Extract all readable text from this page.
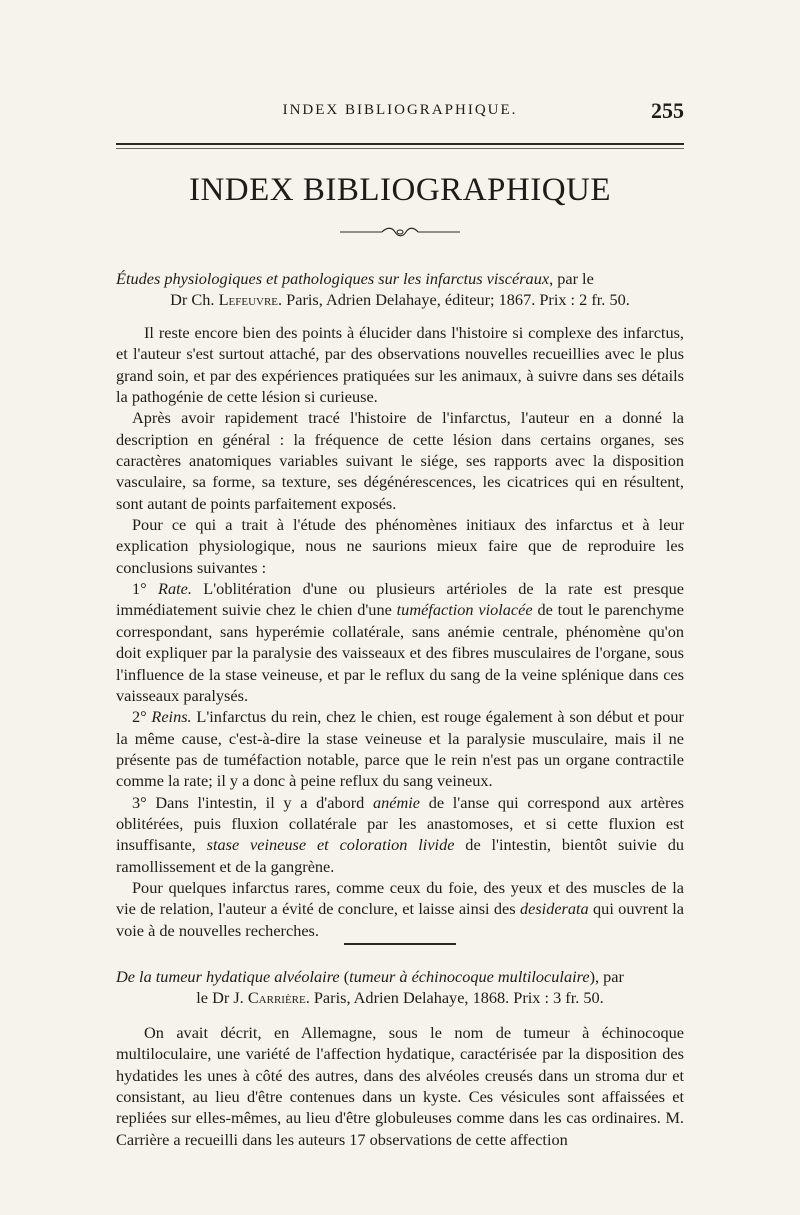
INDEX BIBLIOGRAPHIQUE.	255
INDEX BIBLIOGRAPHIQUE
Études physiologiques et pathologiques sur les infarctus viscéraux, par le
Dr Ch. Lefeuvre. Paris, Adrien Delahaye, éditeur; 1867. Prix : 2 fr. 50.

Il reste encore bien des points à élucider dans l'histoire si complexe des infarctus, et l'auteur s'est surtout attaché, par des observations nouvelles recueillies avec le plus grand soin, et par des expériences pratiquées sur les animaux, à suivre dans ses détails la pathogénie de cette lésion si curieuse.

Après avoir rapidement tracé l'histoire de l'infarctus, l'auteur en a donné la description en général : la fréquence de cette lésion dans certains organes, ses caractères anatomiques variables suivant le siége, ses rapports avec la disposition vasculaire, sa forme, sa texture, ses dégénérescences, les cicatrices qui en résultent, sont autant de points parfaitement exposés.

Pour ce qui a trait à l'étude des phénomènes initiaux des infarctus et à leur explication physiologique, nous ne saurions mieux faire que de reproduire les conclusions suivantes :

1° Rate. L'oblitération d'une ou plusieurs artérioles de la rate est presque immédiatement suivie chez le chien d'une tuméfaction violacée de tout le parenchyme correspondant, sans hyperémie collatérale, sans anémie centrale, phénomène qu'on doit expliquer par la paralysie des vaisseaux et des fibres musculaires de l'organe, sous l'influence de la stase veineuse, et par le reflux du sang de la veine splénique dans ces vaisseaux paralysés.

2° Reins. L'infarctus du rein, chez le chien, est rouge également à son début et pour la même cause, c'est-à-dire la stase veineuse et la paralysie musculaire, mais il ne présente pas de tuméfaction notable, parce que le rein n'est pas un organe contractile comme la rate; il y a donc à peine reflux du sang veineux.

3° Dans l'intestin, il y a d'abord anémie de l'anse qui correspond aux artères oblitérées, puis fluxion collatérale par les anastomoses, et si cette fluxion est insuffisante, stase veineuse et coloration livide de l'intestin, bientôt suivie du ramollissement et de la gangrène.

Pour quelques infarctus rares, comme ceux du foie, des yeux et des muscles de la vie de relation, l'auteur a évité de conclure, et laisse ainsi des desiderata qui ouvrent la voie à de nouvelles recherches.

De la tumeur hydatique alvéolaire (tumeur à échinocoque multiloculaire), par
le Dr J. Carrière. Paris, Adrien Delahaye, 1868. Prix : 3 fr. 50.

On avait décrit, en Allemagne, sous le nom de tumeur à échinocoque multiloculaire, une variété de l'affection hydatique, caractérisée par la disposition des hydatides les unes à côté des autres, dans des alvéoles creusés dans un stroma dur et consistant, au lieu d'être contenues dans un kyste. Ces vésicules sont affaissées et repliées sur elles-mêmes, au lieu d'être globuleuses comme dans les cas ordinaires. M. Carrière a recueilli dans les auteurs 17 observations de cette affection
